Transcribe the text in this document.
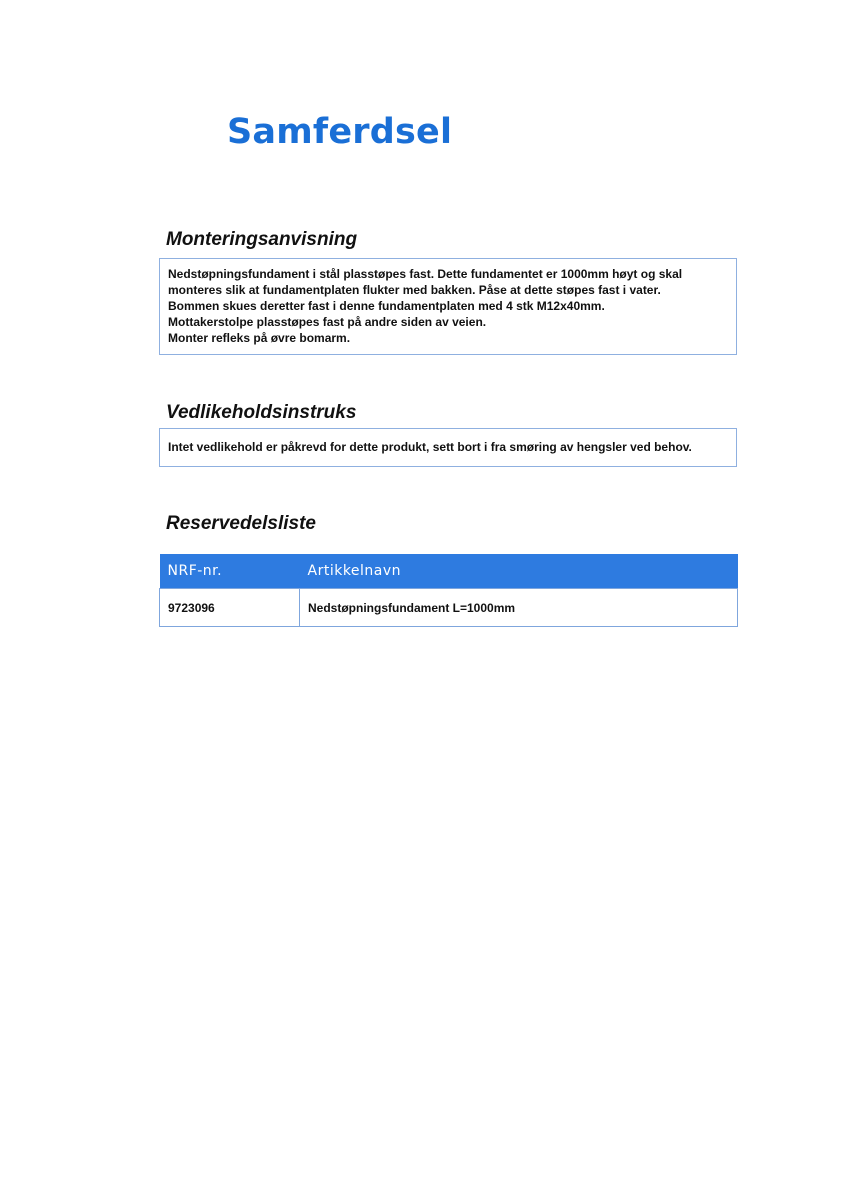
Samferdsel
Monteringsanvisning

Nedstøpningsfundament i stål plasstøpes fast. Dette fundamentet er 1000mm høyt og skal

monteres slik at fundamentplaten flukter med bakken. Påse at dette støpes fast i vater.

Bommen skues deretter fast i denne fundamentplaten med 4 stk M12x40mm.

Mottakerstolpe plasstøpes fast på andre siden av veien.

Monter refleks på øvre bomarm.

Vedlikeholdsinstruks

Intet vedlikehold er påkrevd for dette produkt, sett bort i fra smøring av hengsler ved behov.

Reservedelsliste
NRF-nr.	Artikkelnavn
9723096	Nedstøpningsfundament L=1000mm
